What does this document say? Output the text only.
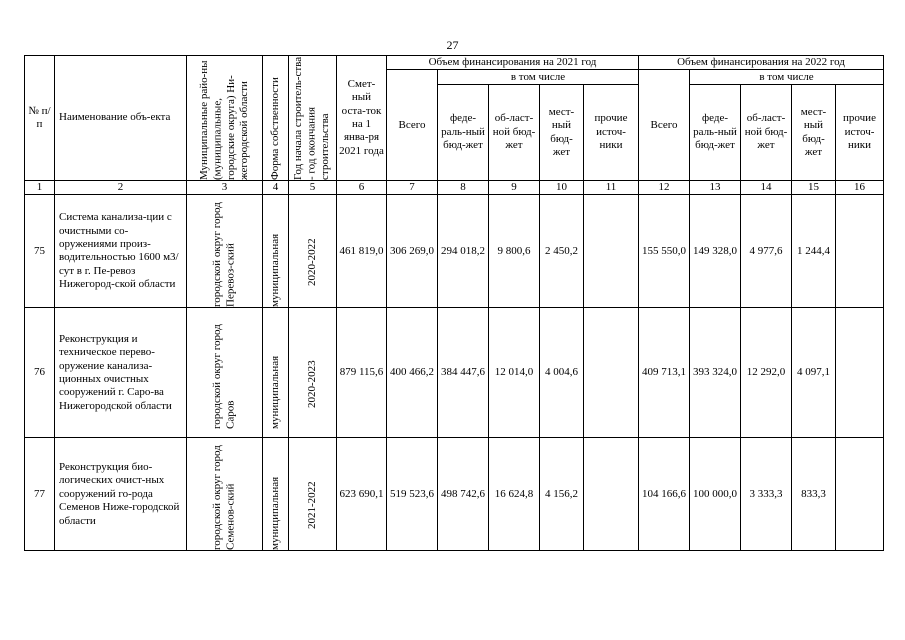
27
№ п/п	Наименование объ-екта	Муниципальные райо-ны (муниципальные, городские округа) Ни-жегородской области	Форма собственности	Год начала строитель-ства - год окончания строительства	Смет-ный оста-ток на 1 янва-ря 2021 года	Объем финансирования на 2021 год					Объем финансирования на 2022 год				
						Всего	в том числе				Всего	в том числе			
							феде-раль-ный бюд-жет	об-ласт-ной бюд-жет	мест-ный бюд-жет	прочие источ-ники		феде-раль-ный бюд-жет	об-ласт-ной бюд-жет	мест-ный бюд-жет	прочие источ-ники
1	2	3	4	5	6	7	8	9	10	11	12	13	14	15	16
75	Система канализа-ции с очистными со-оружениями произ-водительностью 1600 м3/сут в г. Пе-ревоз Нижегород-ской области	городской округ город Перевоз-ский	муниципальная	2020-2022	461 819,0	306 269,0	294 018,2	9 800,6	2 450,2		155 550,0	149 328,0	4 977,6	1 244,4	
76	Реконструкция и техническое перево-оружение канализа-ционных очистных сооружений г. Саро-ва Нижегородской области	городской округ город Саров	муниципальная	2020-2023	879 115,6	400 466,2	384 447,6	12 014,0	4 004,6		409 713,1	393 324,0	12 292,0	4 097,1	
77	Реконструкция био-логических очист-ных сооружений го-рода Семенов Ниже-городской области	городской округ город Семенов-ский	муниципальная	2021-2022	623 690,1	519 523,6	498 742,6	16 624,8	4 156,2		104 166,6	100 000,0	3 333,3	833,3	
